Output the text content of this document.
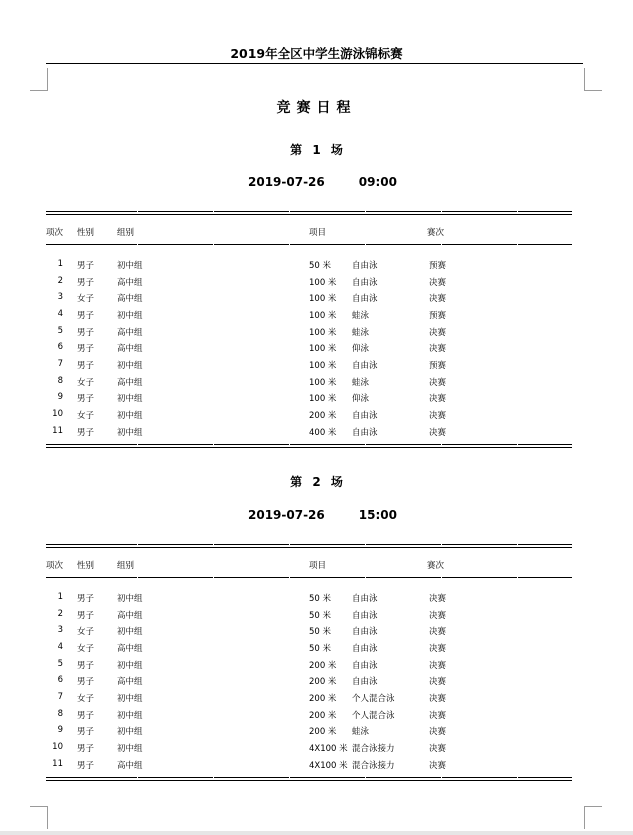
2019年全区中学生游泳锦标赛
竞赛日程
第 1 场
2019-07-26	09:00
项次 性别	组别	项目	赛次
1 男子	初中组	50 米 自由泳	预赛
2 男子	高中组	100 米 自由泳	决赛
3 女子	高中组	100 米 自由泳	决赛
4 男子	初中组	100 米 蛙泳	预赛
5 男子	高中组	100 米 蛙泳	决赛
6 男子	高中组	100 米 仰泳	决赛
7 男子	初中组	100 米 自由泳	预赛
8 女子	高中组	100 米 蛙泳	决赛
9 男子	初中组	100 米 仰泳	决赛
10 女子	初中组	200 米 自由泳	决赛
11 男子	初中组	400 米 自由泳	决赛
第 2 场
2019-07-26	15:00
项次 性别	组别	项目	赛次
1 男子	初中组	50 米 自由泳	决赛
2 男子	高中组	50 米 自由泳	决赛
3 女子	初中组	50 米 自由泳	决赛
4 女子	高中组	50 米 自由泳	决赛
5 男子	初中组	200 米 自由泳	决赛
6 男子	高中组	200 米 自由泳	决赛
7 女子	初中组	200 米 个人混合泳	决赛
8 男子	初中组	200 米 个人混合泳	决赛
9 男子	初中组	200 米 蛙泳	决赛
10 男子	初中组	4X100 米 混合泳接力	决赛
11 男子	高中组	4X100 米 混合泳接力	决赛
